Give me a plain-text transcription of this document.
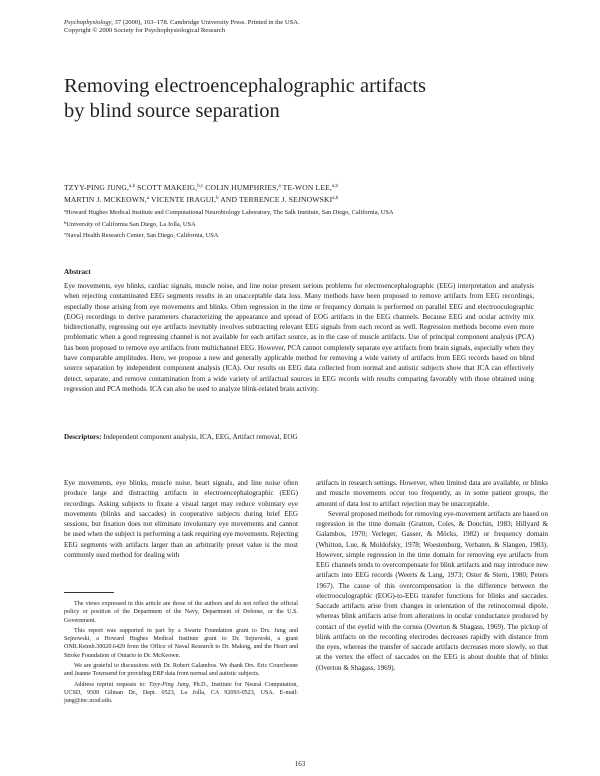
Psychophysiology, 37 (2000), 163–178. Cambridge University Press. Printed in the USA.
Copyright © 2000 Society for Psychophysiological Research
Removing electroencephalographic artifacts
by blind source separation
TZYY-PING JUNG,$^{a,b}$ SCOTT MAKEIG,$^{b,c}$ COLIN HUMPHRIES,$^a$ TE-WON LEE,$^{a,b}$
MARTIN J. MCKEOWN,$^a$ VICENTE IRAGUI,$^b$ AND TERRENCE J. SEJNOWSKI$^{a,b}$
$^a$Howard Hughes Medical Institute and Computational Neurobiology Laboratory, The Salk Institute, San Diego, California, USA
$^b$University of California San Diego, La Jolla, USA
$^c$Naval Health Research Center, San Diego, California, USA
Abstract
Eye movements, eye blinks, cardiac signals, muscle noise, and line noise present serious problems for electroencephalographic (EEG) interpretation and analysis when rejecting contaminated EEG segments results in an unacceptable data loss. Many methods have been proposed to remove artifacts from EEG recordings, especially those arising from eye movements and blinks. Often regression in the time or frequency domain is performed on parallel EEG and electrooculographic (EOG) recordings to derive parameters characterizing the appearance and spread of EOG artifacts in the EEG channels. Because EEG and ocular activity mix bidirectionally, regressing out eye artifacts inevitably involves subtracting relevant EEG signals from each record as well. Regression methods become even more problematic when a good regressing channel is not available for each artifact source, as in the case of muscle artifacts. Use of principal component analysis (PCA) has been proposed to remove eye artifacts from multichannel EEG. However, PCA cannot completely separate eye artifacts from brain signals, especially when they have comparable amplitudes. Here, we propose a new and generally applicable method for removing a wide variety of artifacts from EEG records based on blind source separation by independent component analysis (ICA). Our results on EEG data collected from normal and autistic subjects show that ICA can effectively detect, separate, and remove contamination from a wide variety of artifactual sources in EEG records with results comparing favorably with those obtained using regression and PCA methods. ICA can also be used to analyze blink-related brain activity.
Descriptors: Independent component analysis, ICA, EEG, Artifact removal, EOG
Eye movements, eye blinks, muscle noise, heart signals, and line noise often produce large and distracting artifacts in electroencephalographic (EEG) recordings. Asking subjects to fixate a visual target may reduce voluntary eye movements (blinks and saccades) in cooperative subjects during brief EEG sessions, but fixation does not eliminate involuntary eye movements and cannot be used when the subject is performing a task requiring eye movements. Rejecting EEG segments with artifacts larger than an arbitrarily preset value is the most commonly used method for dealing with

artifacts in research settings. However, when limited data are available, or blinks and muscle movements occur too frequently, as in some patient groups, the amount of data lost to artifact rejection may be unacceptable.

Several proposed methods for removing eye-movement artifacts are based on regression in the time domain (Gratton, Coles, & Donchin, 1983; Hillyard & Galambos, 1970; Verleger, Gasser, & Möcks, 1982) or frequency domain (Whitton, Lue, & Moldofsky, 1978; Woestenburg, Verbaten, & Slangen, 1983). However, simple regression in the time domain for removing eye artifacts from EEG channels tends to overcompensate for blink artifacts and may introduce new artifacts into EEG records (Weerts & Lang, 1973; Oster & Stern, 1980; Peters 1967). The cause of this overcompensation is the difference between the electrooculographic (EOG)-to-EEG transfer functions for blinks and saccades. Saccade artifacts arise from changes in orientation of the retinocorneal dipole, whereas blink artifacts arise from alterations in ocular conductance produced by contact of the eyelid with the cornea (Overton & Shagass, 1969). The pickup of blink artifacts on the recording electrodes decreases rapidly with distance from the eyes, whereas the transfer of saccade artifacts decreases more slowly, so that at the vertex the effect of saccades on the EEG is about double that of blinks (Overton & Shagass, 1969).

The views expressed in this article are those of the authors and do not reflect the official policy or position of the Department of the Navy, Department of Defense, or the U.S. Government.

This report was supported in part by a Swartz Foundation grant to Drs. Jung and Sejnowski, a Howard Hughes Medical Institute grant to Dr. Sejnowski, a grant ONR.Reimb.30020.6429 from the Office of Naval Research to Dr. Makeig, and the Heart and Stroke Foundation of Ontario to Dr. McKeown.

We are grateful to discussions with Dr. Robert Galambos. We thank Drs. Eric Courchesne and Jeanne Townsend for providing ERP data from normal and autistic subjects.

Address reprint requests to: Tzyy-Ping Jung, Ph.D., Institute for Neural Computation, UCSD, 9500 Gilman Dr., Dept. 0523, La Jolla, CA 92093-0523, USA. E-mail: jung@inc.ucsd.edu.

163
